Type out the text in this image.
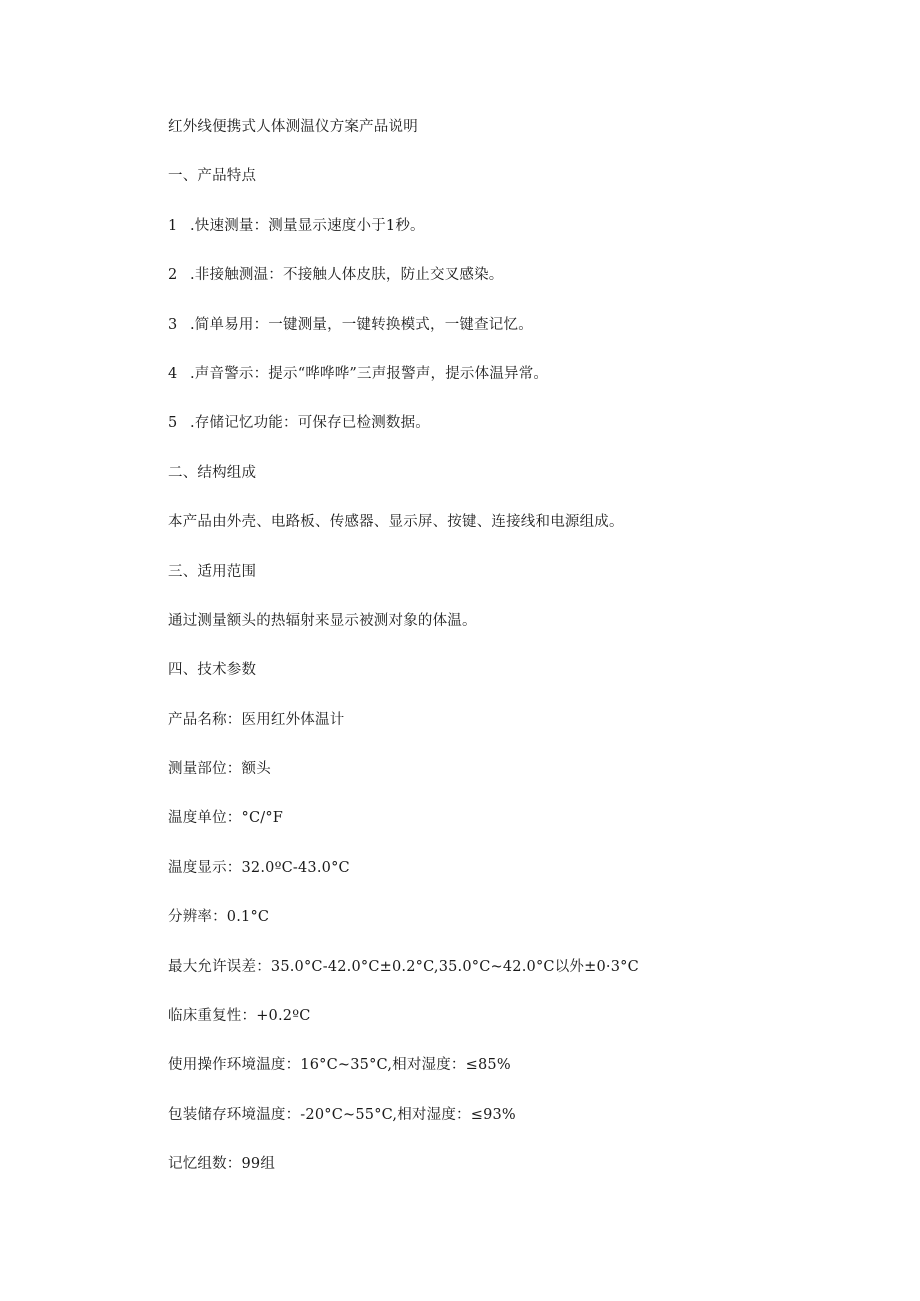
红外线便携式人体测温仪方案产品说明
一、产品特点
1 .快速测量：测量显示速度小于1秒。
2 .非接触测温：不接触人体皮肤，防止交叉感染。
3 .简单易用：一键测量，一键转换模式，一键查记忆。
4 .声音警示：提示“哗哗哗”三声报警声，提示体温异常。
5 .存储记忆功能：可保存已检测数据。
二、结构组成
本产品由外壳、电路板、传感器、显示屏、按键、连接线和电源组成。
三、适用范围
通过测量额头的热辐射来显示被测对象的体温。
四、技术参数
产品名称：医用红外体温计
测量部位：额头
温度单位：°C/°F
温度显示：32.0ºC-43.0°C
分辨率：0.1°C
最大允许误差：35.0°C-42.0°C±0.2°C,35.0°C~42.0°C以外±0·3°C
临床重复性：+0.2ºC
使用操作环境温度：16°C~35°C,相对湿度：≤85%
包装储存环境温度：-20°C~55°C,相对湿度：≤93%
记忆组数：99组
